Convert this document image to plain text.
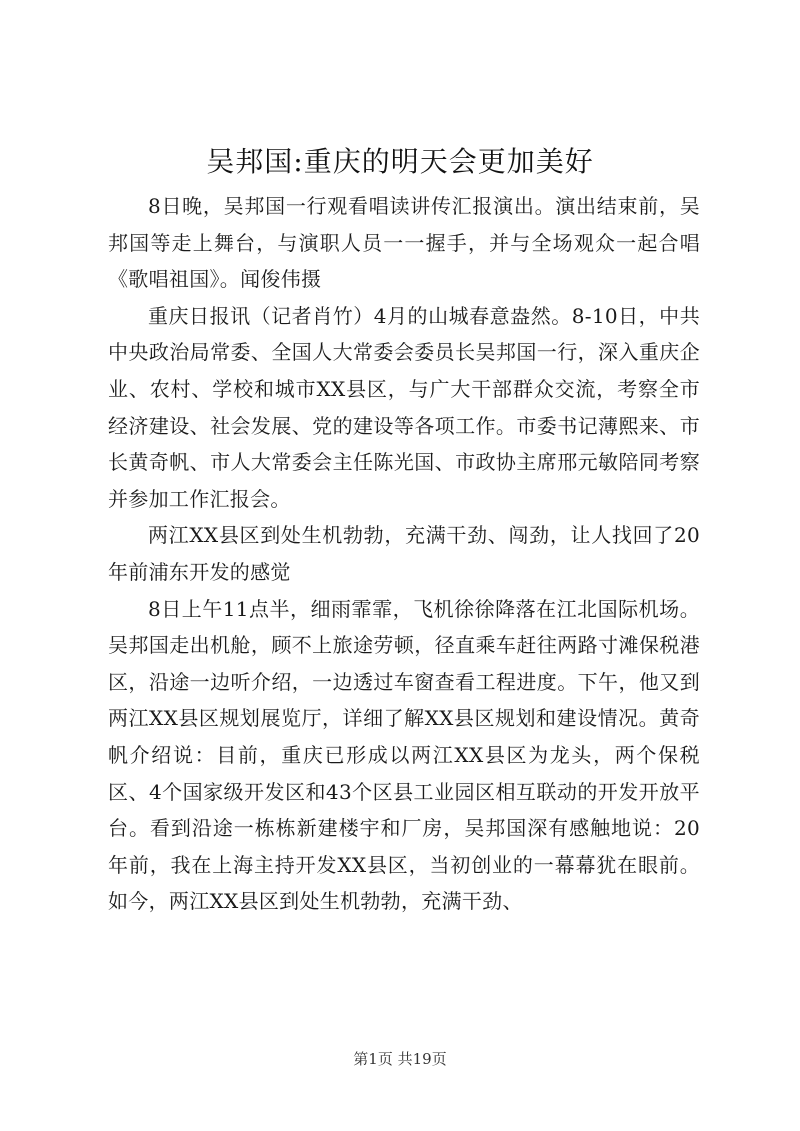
吴邦国:重庆的明天会更加美好

8日晚，吴邦国一行观看唱读讲传汇报演出。演出结束前，吴邦国等走上舞台，与演职人员一一握手，并与全场观众一起合唱《歌唱祖国》。闻俊伟摄

重庆日报讯（记者肖竹）4月的山城春意盎然。8-10日，中共中央政治局常委、全国人大常委会委员长吴邦国一行，深入重庆企业、农村、学校和城市XX县区，与广大干部群众交流，考察全市经济建设、社会发展、党的建设等各项工作。市委书记薄熙来、市长黄奇帆、市人大常委会主任陈光国、市政协主席邢元敏陪同考察并参加工作汇报会。

两江XX县区到处生机勃勃，充满干劲、闯劲，让人找回了20年前浦东开发的感觉

8日上午11点半，细雨霏霏，飞机徐徐降落在江北国际机场。吴邦国走出机舱，顾不上旅途劳顿，径直乘车赶往两路寸滩保税港区，沿途一边听介绍，一边透过车窗查看工程进度。下午，他又到两江XX县区规划展览厅，详细了解XX县区规划和建设情况。黄奇帆介绍说：目前，重庆已形成以两江XX县区为龙头，两个保税区、4个国家级开发区和43个区县工业园区相互联动的开发开放平台。看到沿途一栋栋新建楼宇和厂房，吴邦国深有感触地说：20年前，我在上海主持开发XX县区，当初创业的一幕幕犹在眼前。如今，两江XX县区到处生机勃勃，充满干劲、

第1页 共19页
